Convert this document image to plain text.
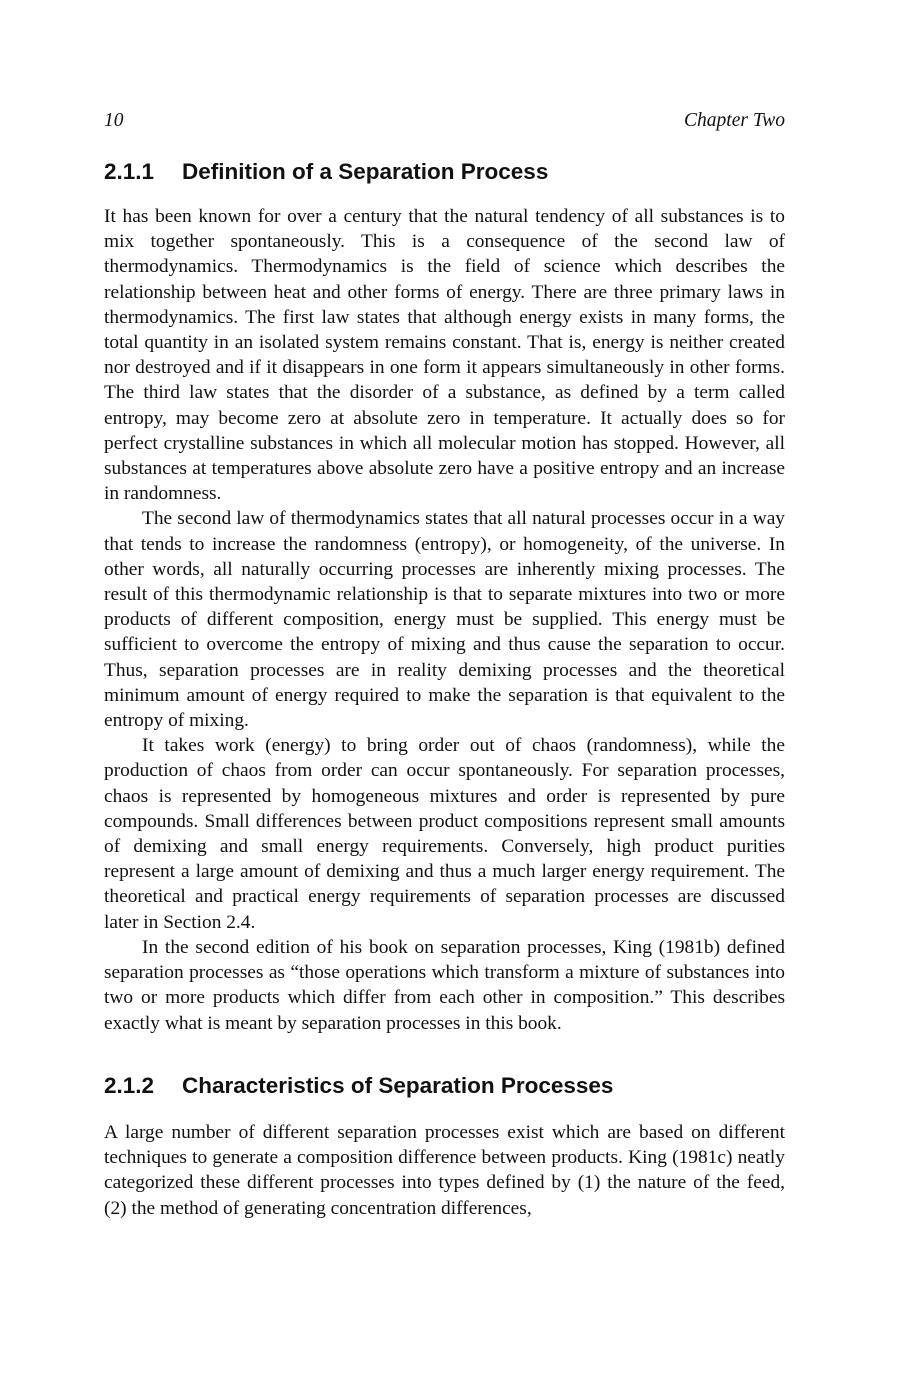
10	Chapter Two
2.1.1 Definition of a Separation Process

It has been known for over a century that the natural tendency of all substances is to mix together spontaneously. This is a consequence of the second law of thermodynamics. Thermodynamics is the field of science which describes the relationship between heat and other forms of energy. There are three primary laws in thermodynamics. The first law states that although energy exists in many forms, the total quantity in an isolated system remains constant. That is, energy is neither created nor destroyed and if it disappears in one form it appears simultaneously in other forms. The third law states that the disorder of a substance, as defined by a term called entropy, may become zero at absolute zero in temperature. It actually does so for perfect crystalline substances in which all molecular motion has stopped. However, all substances at temperatures above absolute zero have a positive entropy and an increase in randomness.

The second law of thermodynamics states that all natural processes occur in a way that tends to increase the randomness (entropy), or homogeneity, of the universe. In other words, all naturally occurring processes are inherently mixing processes. The result of this thermodynamic relationship is that to separate mixtures into two or more products of different composition, energy must be supplied. This energy must be sufficient to overcome the entropy of mixing and thus cause the separation to occur. Thus, separation processes are in reality demixing processes and the theoretical minimum amount of energy required to make the separation is that equivalent to the entropy of mixing.

It takes work (energy) to bring order out of chaos (randomness), while the production of chaos from order can occur spontaneously. For separation processes, chaos is represented by homogeneous mixtures and order is represented by pure compounds. Small differences between product compositions represent small amounts of demixing and small energy requirements. Conversely, high product purities represent a large amount of demixing and thus a much larger energy requirement. The theoretical and practical energy requirements of separation processes are discussed later in Section 2.4.

In the second edition of his book on separation processes, King (1981b) defined separation processes as “those operations which transform a mixture of substances into two or more products which differ from each other in composition.” This describes exactly what is meant by separation processes in this book.

2.1.2 Characteristics of Separation Processes

A large number of different separation processes exist which are based on different techniques to generate a composition difference between products. King (1981c) neatly categorized these different processes into types defined by (1) the nature of the feed, (2) the method of generating concentration differences,
